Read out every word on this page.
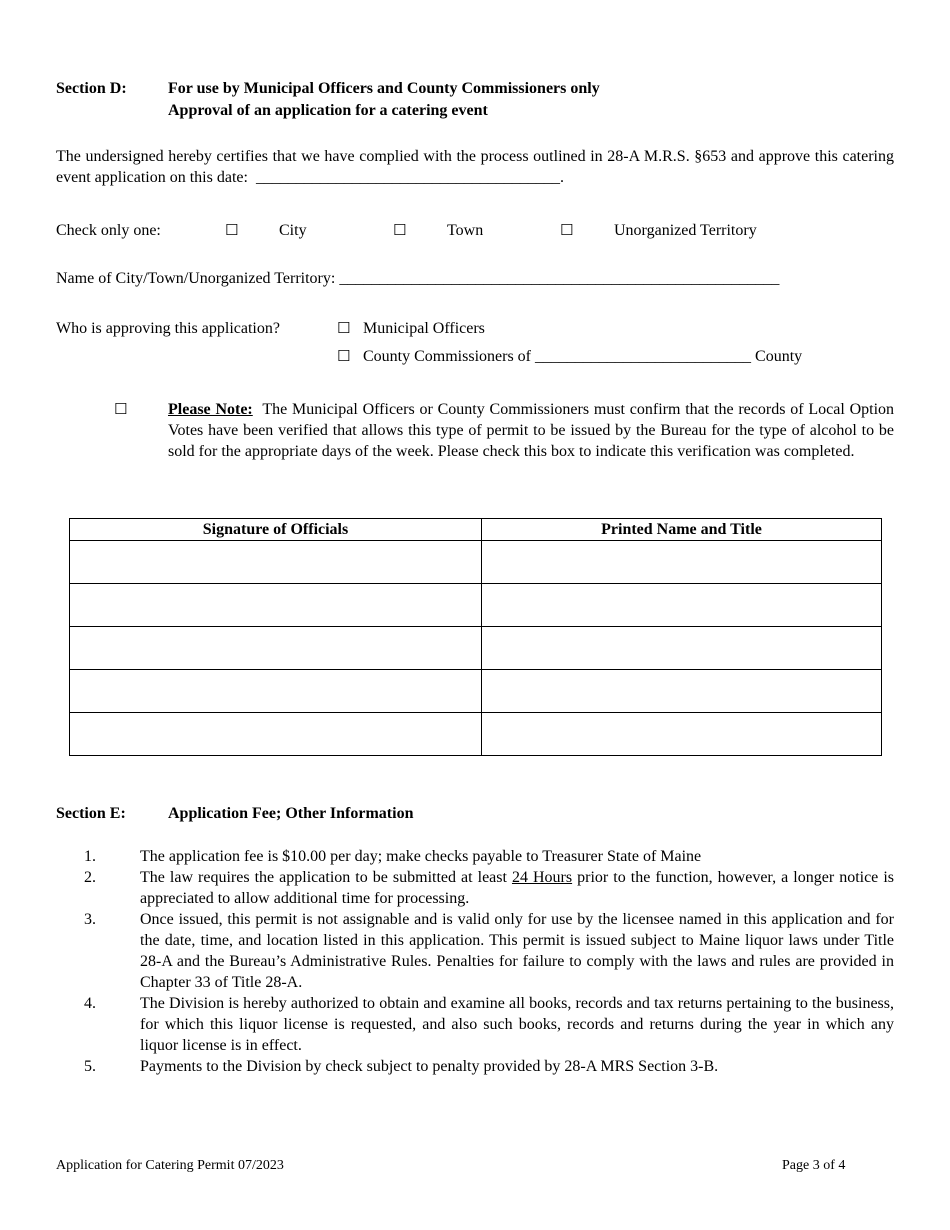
Section D:	For use by Municipal Officers and County Commissioners only
Approval of an application for a catering event
The undersigned hereby certifies that we have complied with the process outlined in 28-A M.R.S. §653 and approve this catering event application on this date: ______________________________________.
Check only one:	☐	City	☐	Town	☐	Unorganized Territory
Name of City/Town/Unorganized Territory: _______________________________________________________
Who is approving this application?	☐ Municipal Officers
☐ County Commissioners of ___________________________ County
☐	Please Note: The Municipal Officers or County Commissioners must confirm that the records of Local Option Votes have been verified that allows this type of permit to be issued by the Bureau for the type of alcohol to be sold for the appropriate days of the week. Please check this box to indicate this verification was completed.
Signature of Officials	Printed Name and Title

Section E:	Application Fee; Other Information
1.	The application fee is $10.00 per day; make checks payable to Treasurer State of Maine
2.	The law requires the application to be submitted at least 24 Hours prior to the function, however, a longer notice is appreciated to allow additional time for processing.
3.	Once issued, this permit is not assignable and is valid only for use by the licensee named in this application and for the date, time, and location listed in this application. This permit is issued subject to Maine liquor laws under Title 28-A and the Bureau’s Administrative Rules. Penalties for failure to comply with the laws and rules are provided in Chapter 33 of Title 28-A.
4.	The Division is hereby authorized to obtain and examine all books, records and tax returns pertaining to the business, for which this liquor license is requested, and also such books, records and returns during the year in which any liquor license is in effect.
5.	Payments to the Division by check subject to penalty provided by 28-A MRS Section 3-B.
Application for Catering Permit 07/2023	Page 3 of 4
